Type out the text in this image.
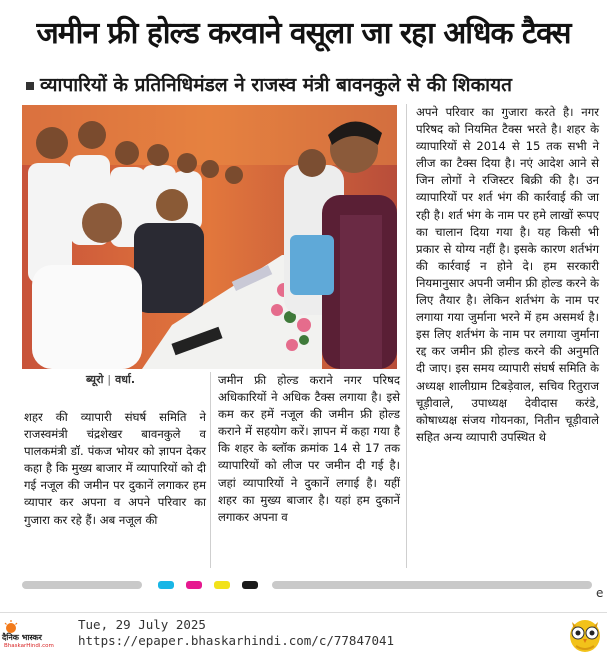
जमीन फ्री होल्ड करवाने वसूला जा रहा अधिक टैक्स
व्यापारियों के प्रतिनिधिमंडल ने राजस्व मंत्री बावनकुले से की शिकायत
ब्यूरो | वर्धा.

शहर की व्यापारी संघर्ष समिति ने राजस्वमंत्री चंद्रशेखर बावनकुले व पालकमंत्री डॉ. पंकज भोयर को ज्ञापन देकर कहा है कि मुख्य बाजार में व्यापारियों को दी गई नजूल की जमीन पर दुकानें लगाकर हम व्यापार कर अपना व अपने परिवार का गुजारा कर रहे हैं। अब नजूल की

जमीन फ्री होल्ड कराने नगर परिषद अधिकारियों ने अधिक टैक्स लगाया है। इसे कम कर हमें नजूल की जमीन फ्री होल्ड कराने में सहयोग करें। ज्ञापन में कहा गया है कि शहर के ब्लॉक क्रमांक 14 से 17 तक व्यापारियों को लीज पर जमीन दी गई है। जहां व्यापारियों ने दुकानें लगाई है। यहीं शहर का मुख्य बाजार है। यहां हम दुकानें लगाकर अपना व

अपने परिवार का गुजारा करते है। नगर परिषद को नियमित टैक्स भरते है। शहर के व्यापारियों से 2014 से 15 तक सभी ने लीज का टैक्स दिया है। नएं आदेश आने से जिन लोगों ने रजिस्टर बिक्री की है। उन व्यापारियों पर शर्त भंग की कार्रवाई की जा रही है। शर्त भंग के नाम पर हमे लाखों रूपए का चालान दिया गया है। यह किसी भी प्रकार से योग्य नहीं है। इसके कारण शर्तभंग की कार्रवाई न होने दे। हम सरकारी नियमानुसार अपनी जमीन फ्री होल्ड करने के लिए तैयार है। लेकिन शर्तभंग के नाम पर लगाया गया जुर्माना भरने में हम असमर्थ है। इस लिए शर्तभंग के नाम पर लगाया जुर्माना रद्द कर जमीन फ्री होल्ड करने की अनुमति दी जाए। इस समय व्यापारी संघर्ष समिति के अध्यक्ष शालीग्राम टिबड़ेवाल, सचिव रितुराज चूड़ीवाले, उपाध्यक्ष देवीदास करंडे, कोषाध्यक्ष संजय गोयनका, नितीन चूड़ीवाले सहित अन्य व्यापारी उपस्थित थे

e
दैनिक भास्कर
BhaskarHindi.com
Tue, 29 July 2025
https://epaper.bhaskarhindi.com/c/77847041
